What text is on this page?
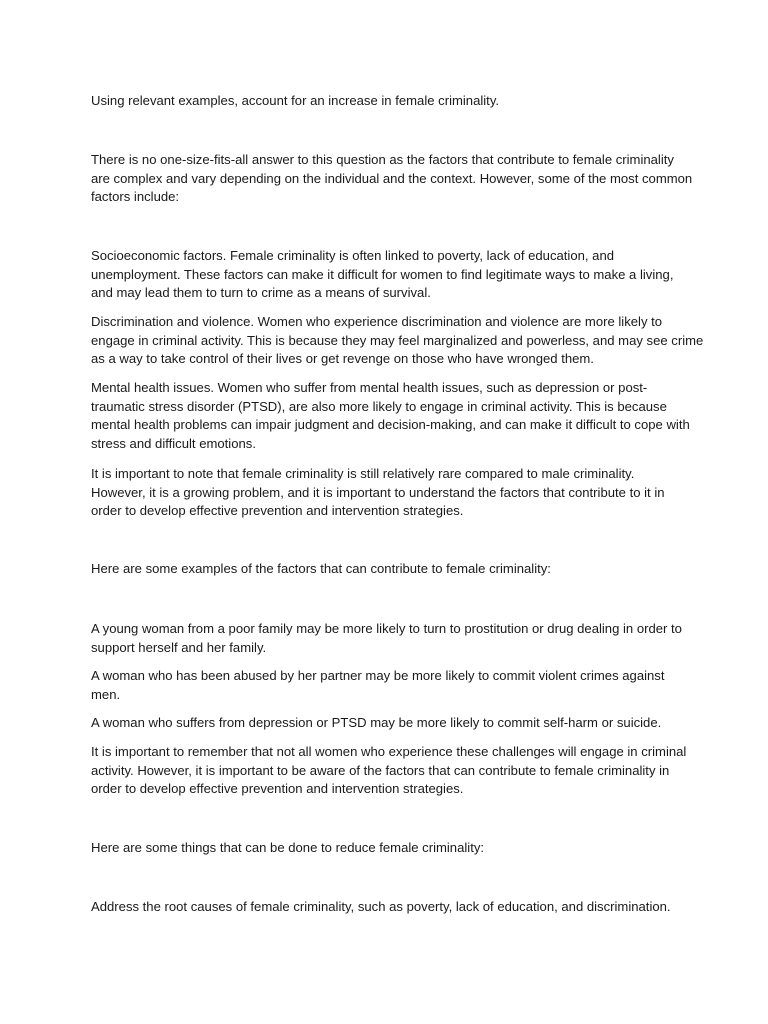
Using relevant examples, account for an increase in female criminality.

There is no one-size-fits-all answer to this question as the factors that contribute to female criminality
are complex and vary depending on the individual and the context. However, some of the most common
factors include:

Socioeconomic factors. Female criminality is often linked to poverty, lack of education, and
unemployment. These factors can make it difficult for women to find legitimate ways to make a living,
and may lead them to turn to crime as a means of survival.

Discrimination and violence. Women who experience discrimination and violence are more likely to
engage in criminal activity. This is because they may feel marginalized and powerless, and may see crime
as a way to take control of their lives or get revenge on those who have wronged them.

Mental health issues. Women who suffer from mental health issues, such as depression or post-
traumatic stress disorder (PTSD), are also more likely to engage in criminal activity. This is because
mental health problems can impair judgment and decision-making, and can make it difficult to cope with
stress and difficult emotions.

It is important to note that female criminality is still relatively rare compared to male criminality.
However, it is a growing problem, and it is important to understand the factors that contribute to it in
order to develop effective prevention and intervention strategies.

Here are some examples of the factors that can contribute to female criminality:

A young woman from a poor family may be more likely to turn to prostitution or drug dealing in order to
support herself and her family.

A woman who has been abused by her partner may be more likely to commit violent crimes against
men.

A woman who suffers from depression or PTSD may be more likely to commit self-harm or suicide.

It is important to remember that not all women who experience these challenges will engage in criminal
activity. However, it is important to be aware of the factors that can contribute to female criminality in
order to develop effective prevention and intervention strategies.

Here are some things that can be done to reduce female criminality:

Address the root causes of female criminality, such as poverty, lack of education, and discrimination.
